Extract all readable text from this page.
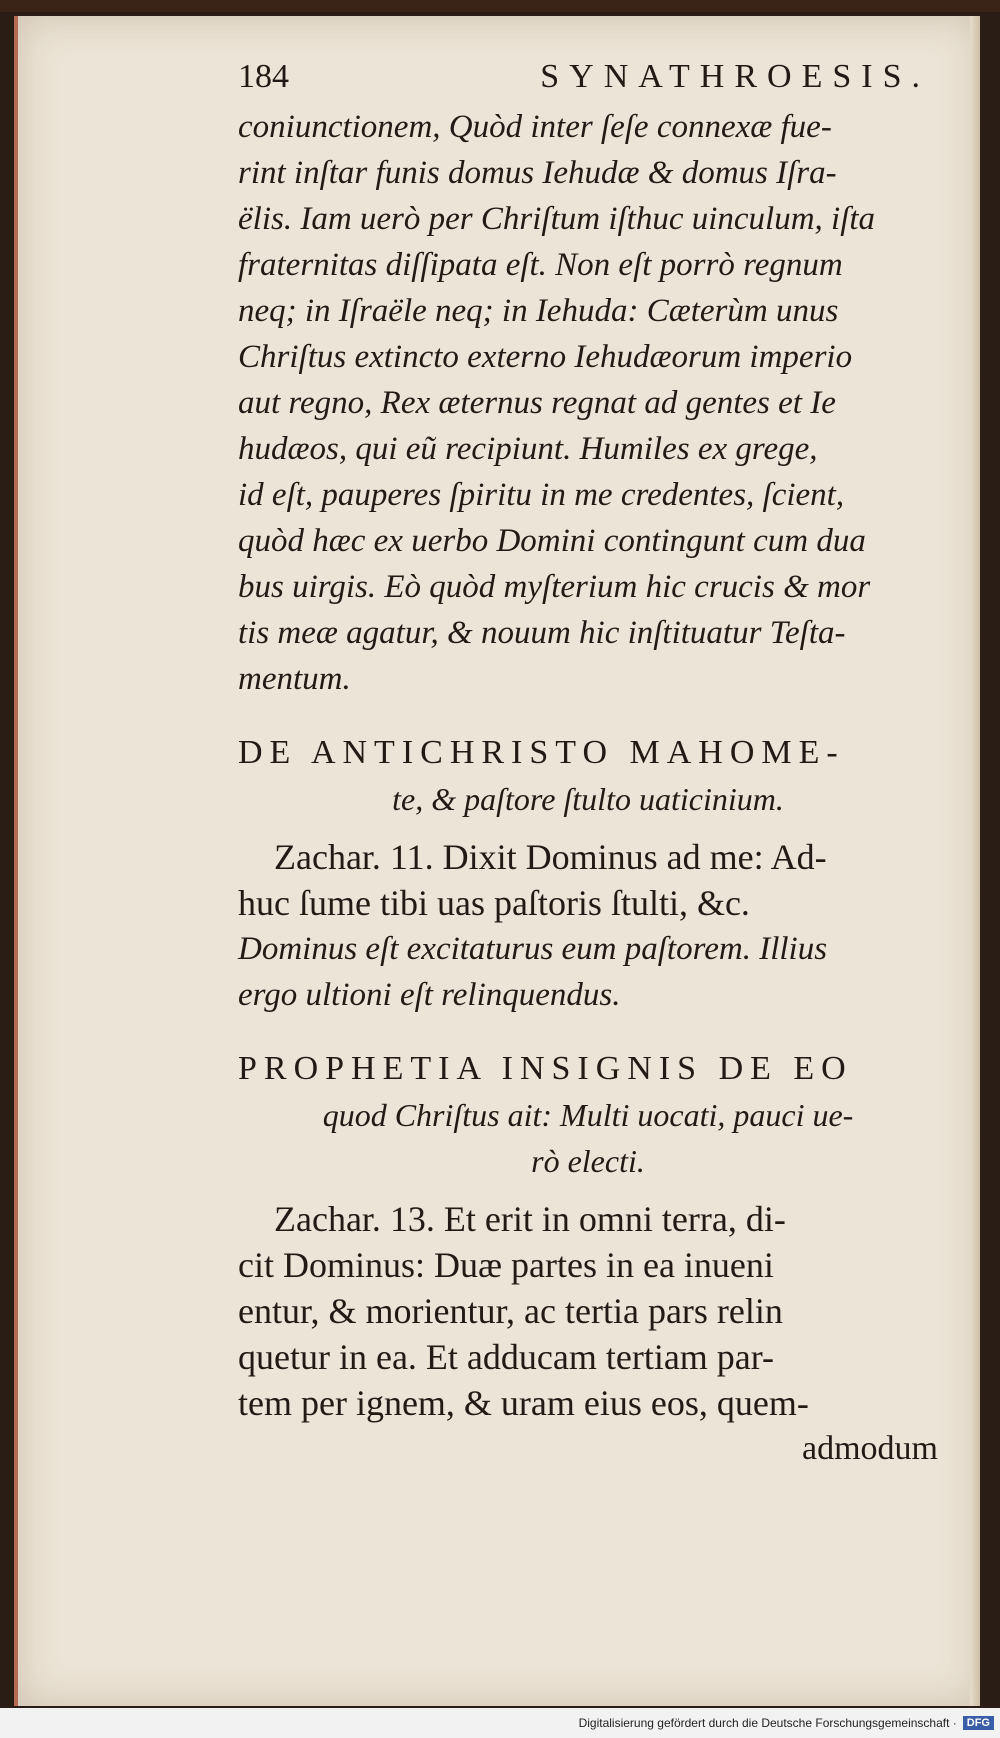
184	SYNATHROESIS.

coniunctionem, Quòd inter ſeſe connexæ fue-
rint inſtar funis domus Iehudæ & domus Iſra-
ëlis. Iam uerò per Chriſtum iſthuc uinculum, iſta
fraternitas diſſipata eſt. Non eſt porrò regnum
neq; in Iſraële neq; in Iehuda: Cæterùm unus
Chriſtus extincto externo Iehudæorum imperio
aut regno, Rex æternus regnat ad gentes et Ie
hudæos, qui eũ recipiunt. Humiles ex grege,
id eſt, pauperes ſpiritu in me credentes, ſcient,
quòd hæc ex uerbo Domini contingunt cum dua
bus uirgis. Eò quòd myſterium hic crucis & mor
tis meæ agatur, & nouum hic inſtituatur Teſta-
mentum.

DE ANTICHRISTO MAHOME-

te, & paſtore ſtulto uaticinium.

Zachar. 11. Dixit Dominus ad me: Ad-
huc ſume tibi uas paſtoris ſtulti, &c.

Dominus eſt excitaturus eum paſtorem. Illius
ergo ultioni eſt relinquendus.

PROPHETIA INSIGNIS DE EO

quod Chriſtus ait: Multi uocati, pauci ue-
rò electi.

Zachar. 13. Et erit in omni terra, di-
cit Dominus: Duæ partes in ea inueni
entur, & morientur, ac tertia pars relin
quetur in ea. Et adducam tertiam par-
tem per ignem, & uram eius eos, quem-

admodum

Digitalisierung gefördert durch die Deutsche Forschungsgemeinschaft · DFG
